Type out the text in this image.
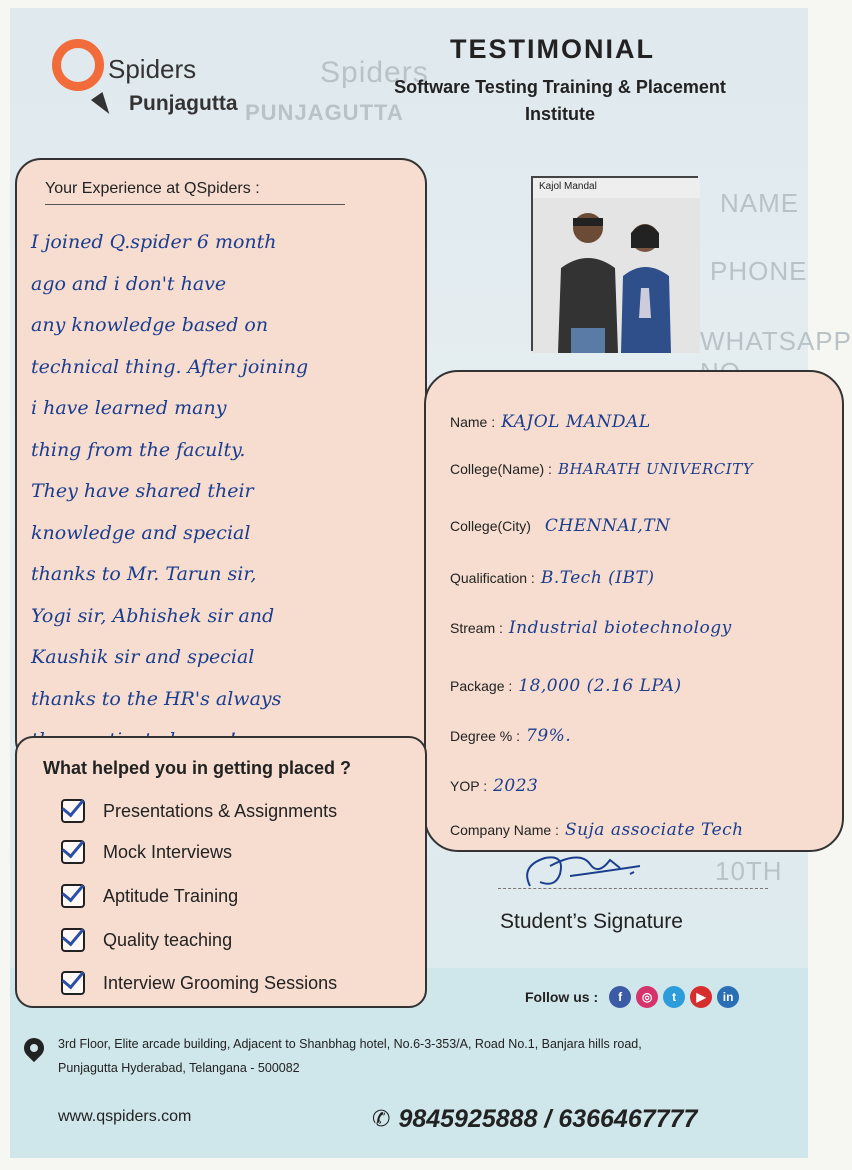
Spiders
PUNJAGUTTA
NAME
PHONE
WHATSAPP
10TH
Spiders
Punjagutta
TESTIMONIAL
Software Testing Training & Placement Institute
Your Experience at QSpiders :
I joined Q.spider 6 month
ago and i don't have
any knowledge based on
technical thing. After joining
i have learned many
thing from the faculty.
They have shared their
knowledge and special
thanks to Mr. Tarun sir,
Yogi sir, Abhishek sir and
Kaushik sir and special
thanks to the HR's always
Kajol Mandal
Name : KAJOL MANDAL
College(Name) : BHARATH UNIVERCITY
College(City) CHENNAI,TN
Qualification : B.Tech (IBT)
Stream : Industrial biotechnology
Package : 18,000 (2.16 LPA)
Degree % : 79%.
YOP : 2023
Company Name : Suja associate Tech
Student’s Signature
What helped you in getting placed ?
Presentations & Assignments
Mock Interviews
Aptitude Training
Quality teaching
Interview Grooming Sessions
Follow us :	f	◎	t	▶	in
3rd Floor, Elite arcade building, Adjacent to Shanbhag hotel, No.6-3-353/A, Road No.1, Banjara hills road,
Punjagutta Hyderabad, Telangana - 500082
www.qspiders.com	✆ 9845925888 / 6366467777
